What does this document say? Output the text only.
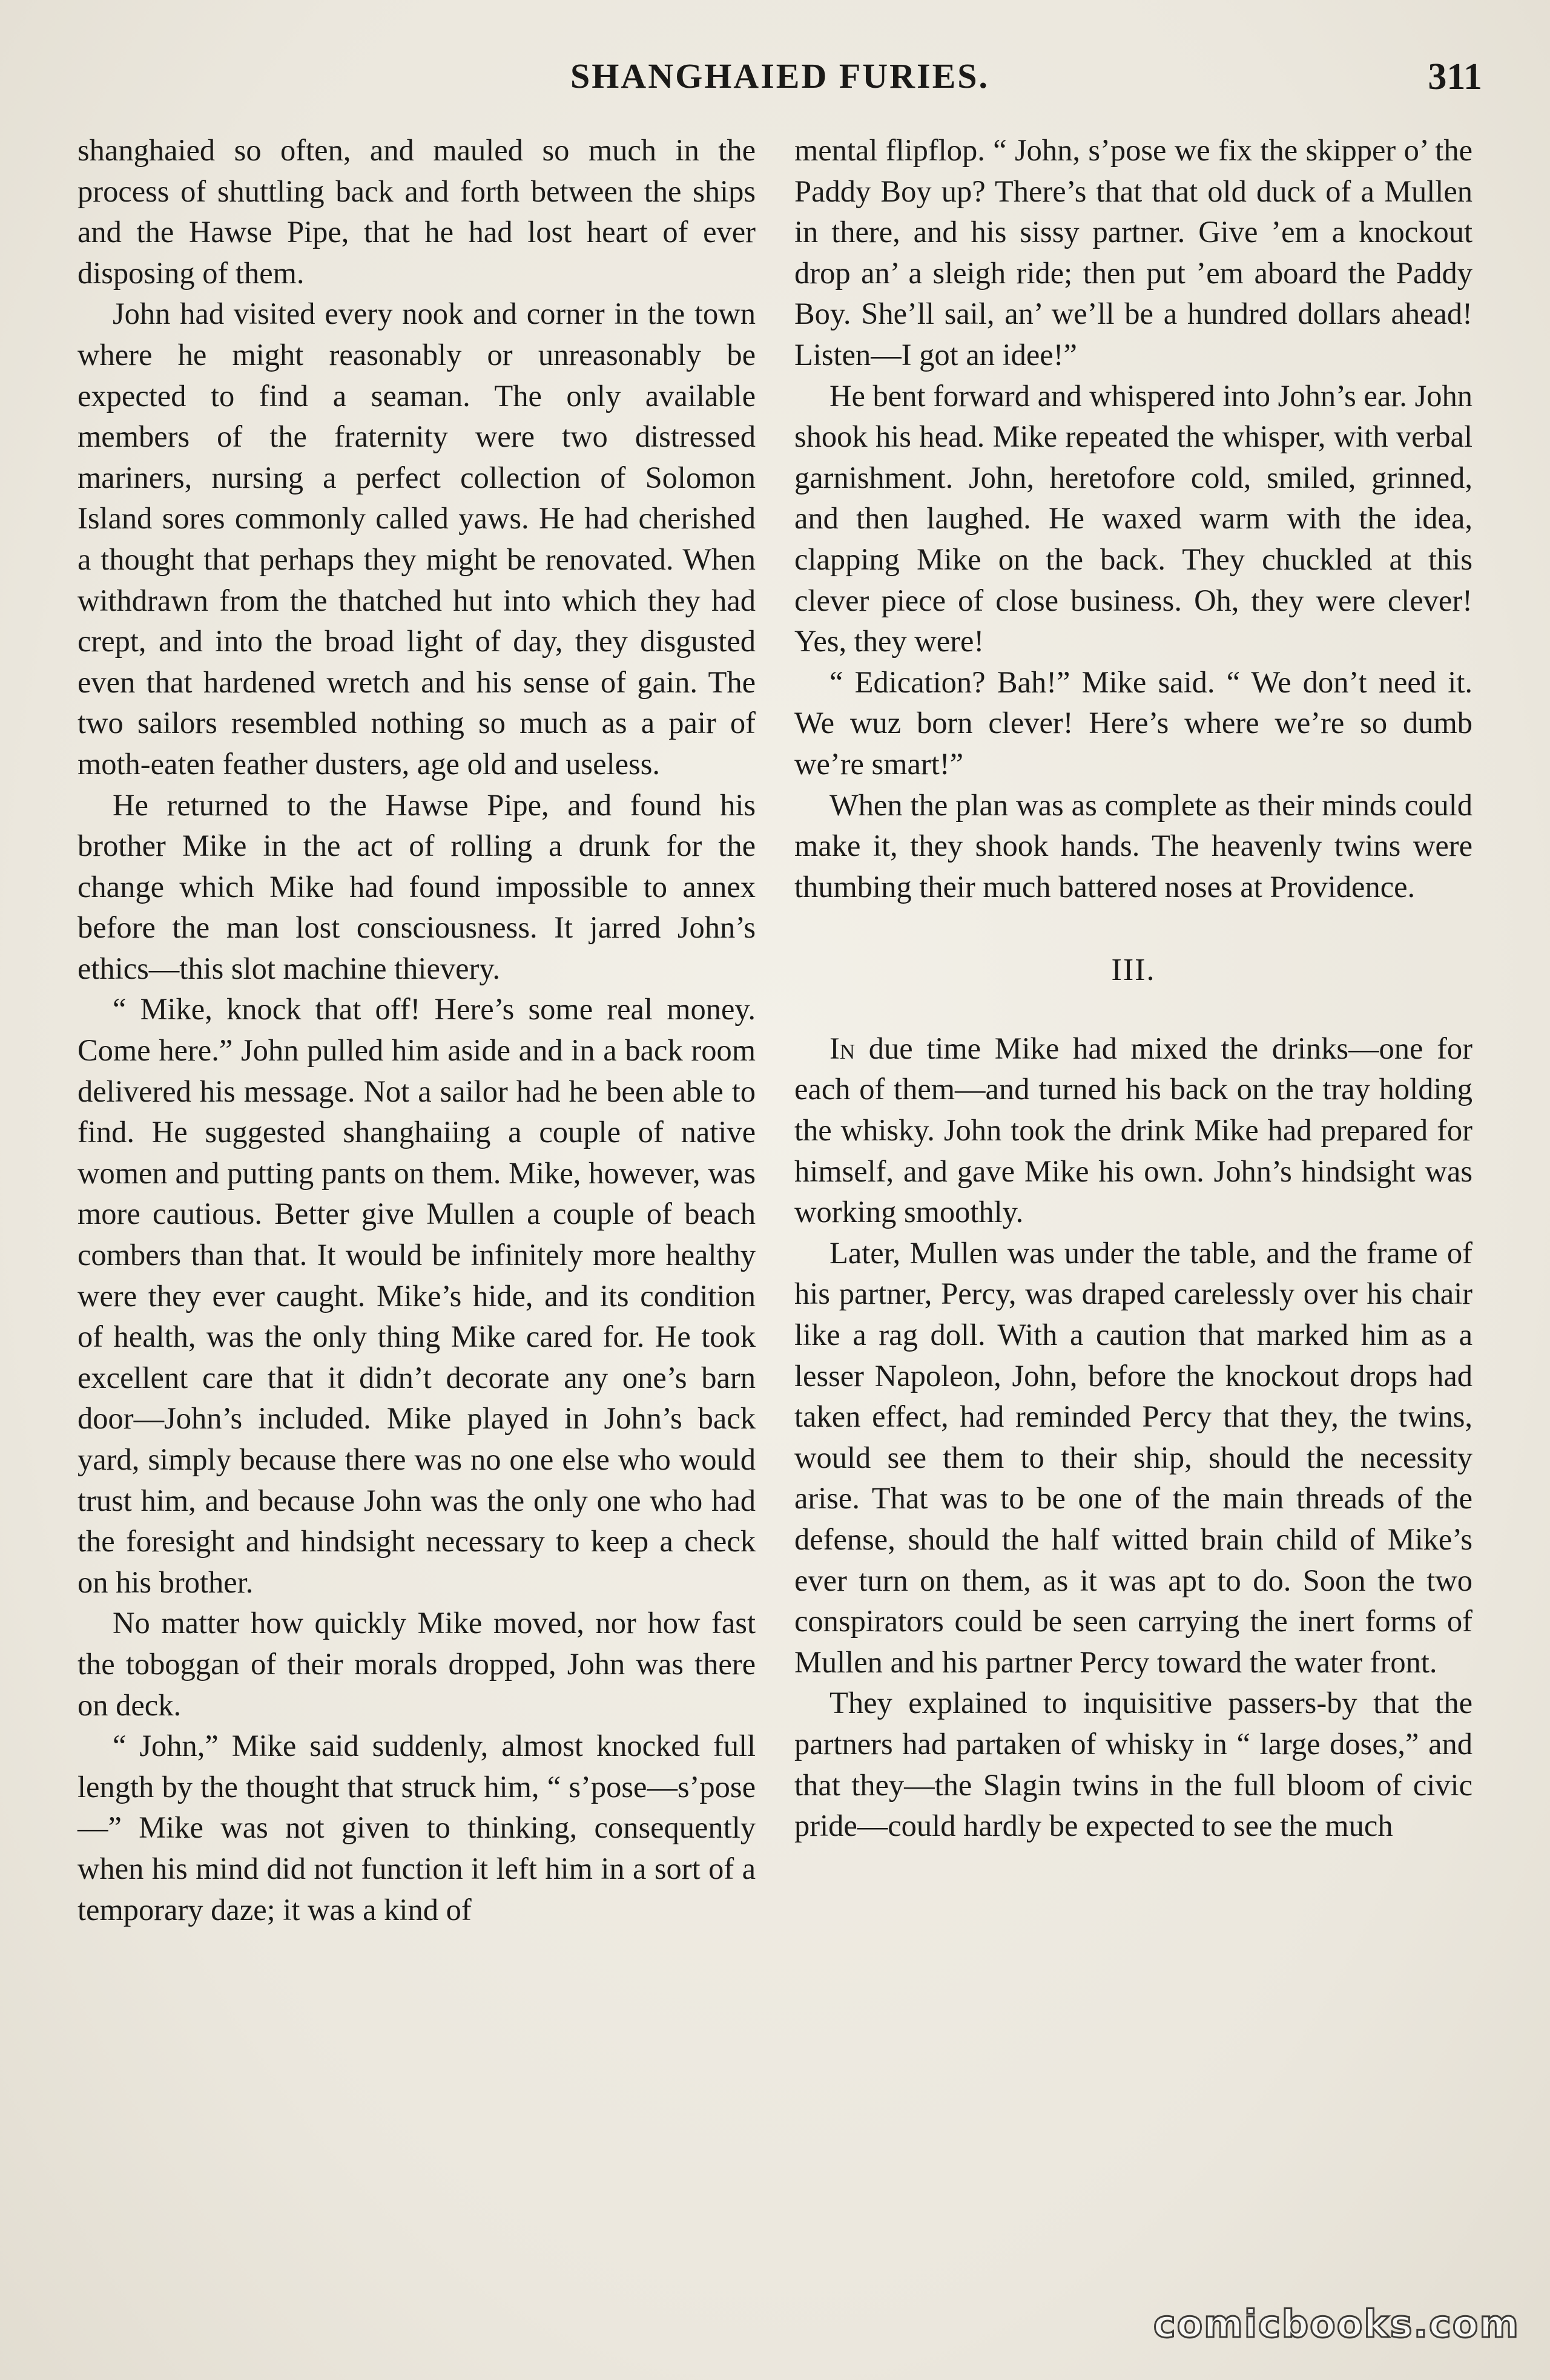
SHANGHAIED FURIES.	311

shanghaied so often, and mauled so much in the process of shuttling back and forth between the ships and the Hawse Pipe, that he had lost heart of ever disposing of them.

John had visited every nook and corner in the town where he might reasonably or unreasonably be expected to find a seaman. The only available members of the fraternity were two distressed mariners, nursing a perfect collection of Solomon Island sores commonly called yaws. He had cherished a thought that perhaps they might be renovated. When withdrawn from the thatched hut into which they had crept, and into the broad light of day, they disgusted even that hardened wretch and his sense of gain. The two sailors resembled nothing so much as a pair of moth-eaten feather dusters, age old and useless.

He returned to the Hawse Pipe, and found his brother Mike in the act of rolling a drunk for the change which Mike had found impossible to annex before the man lost consciousness. It jarred John’s ethics—this slot machine thievery.

“ Mike, knock that off! Here’s some real money. Come here.” John pulled him aside and in a back room delivered his message. Not a sailor had he been able to find. He suggested shanghaiing a couple of native women and putting pants on them. Mike, however, was more cautious. Better give Mullen a couple of beach combers than that. It would be infinitely more healthy were they ever caught. Mike’s hide, and its condition of health, was the only thing Mike cared for. He took excellent care that it didn’t decorate any one’s barn door—John’s included. Mike played in John’s back yard, simply because there was no one else who would trust him, and because John was the only one who had the foresight and hindsight necessary to keep a check on his brother.

No matter how quickly Mike moved, nor how fast the toboggan of their morals dropped, John was there on deck.

“ John,” Mike said suddenly, almost knocked full length by the thought that struck him, “ s’pose—s’pose—” Mike was not given to thinking, consequently when his mind did not function it left him in a sort of a temporary daze; it was a kind of

mental flipflop. “ John, s’pose we fix the skipper o’ the Paddy Boy up? There’s that that old duck of a Mullen in there, and his sissy partner. Give ’em a knockout drop an’ a sleigh ride; then put ’em aboard the Paddy Boy. She’ll sail, an’ we’ll be a hundred dollars ahead! Listen—I got an idee!”

He bent forward and whispered into John’s ear. John shook his head. Mike repeated the whisper, with verbal garnishment. John, heretofore cold, smiled, grinned, and then laughed. He waxed warm with the idea, clapping Mike on the back. They chuckled at this clever piece of close business. Oh, they were clever! Yes, they were!

“ Edication? Bah!” Mike said. “ We don’t need it. We wuz born clever! Here’s where we’re so dumb we’re smart!”

When the plan was as complete as their minds could make it, they shook hands. The heavenly twins were thumbing their much battered noses at Providence.

III.

In due time Mike had mixed the drinks—one for each of them—and turned his back on the tray holding the whisky. John took the drink Mike had prepared for himself, and gave Mike his own. John’s hindsight was working smoothly.

Later, Mullen was under the table, and the frame of his partner, Percy, was draped carelessly over his chair like a rag doll. With a caution that marked him as a lesser Napoleon, John, before the knockout drops had taken effect, had reminded Percy that they, the twins, would see them to their ship, should the necessity arise. That was to be one of the main threads of the defense, should the half witted brain child of Mike’s ever turn on them, as it was apt to do. Soon the two conspirators could be seen carrying the inert forms of Mullen and his partner Percy toward the water front.

They explained to inquisitive passers-by that the partners had partaken of whisky in “ large doses,” and that they—the Slagin twins in the full bloom of civic pride—could hardly be expected to see the much

comicbooks.com
